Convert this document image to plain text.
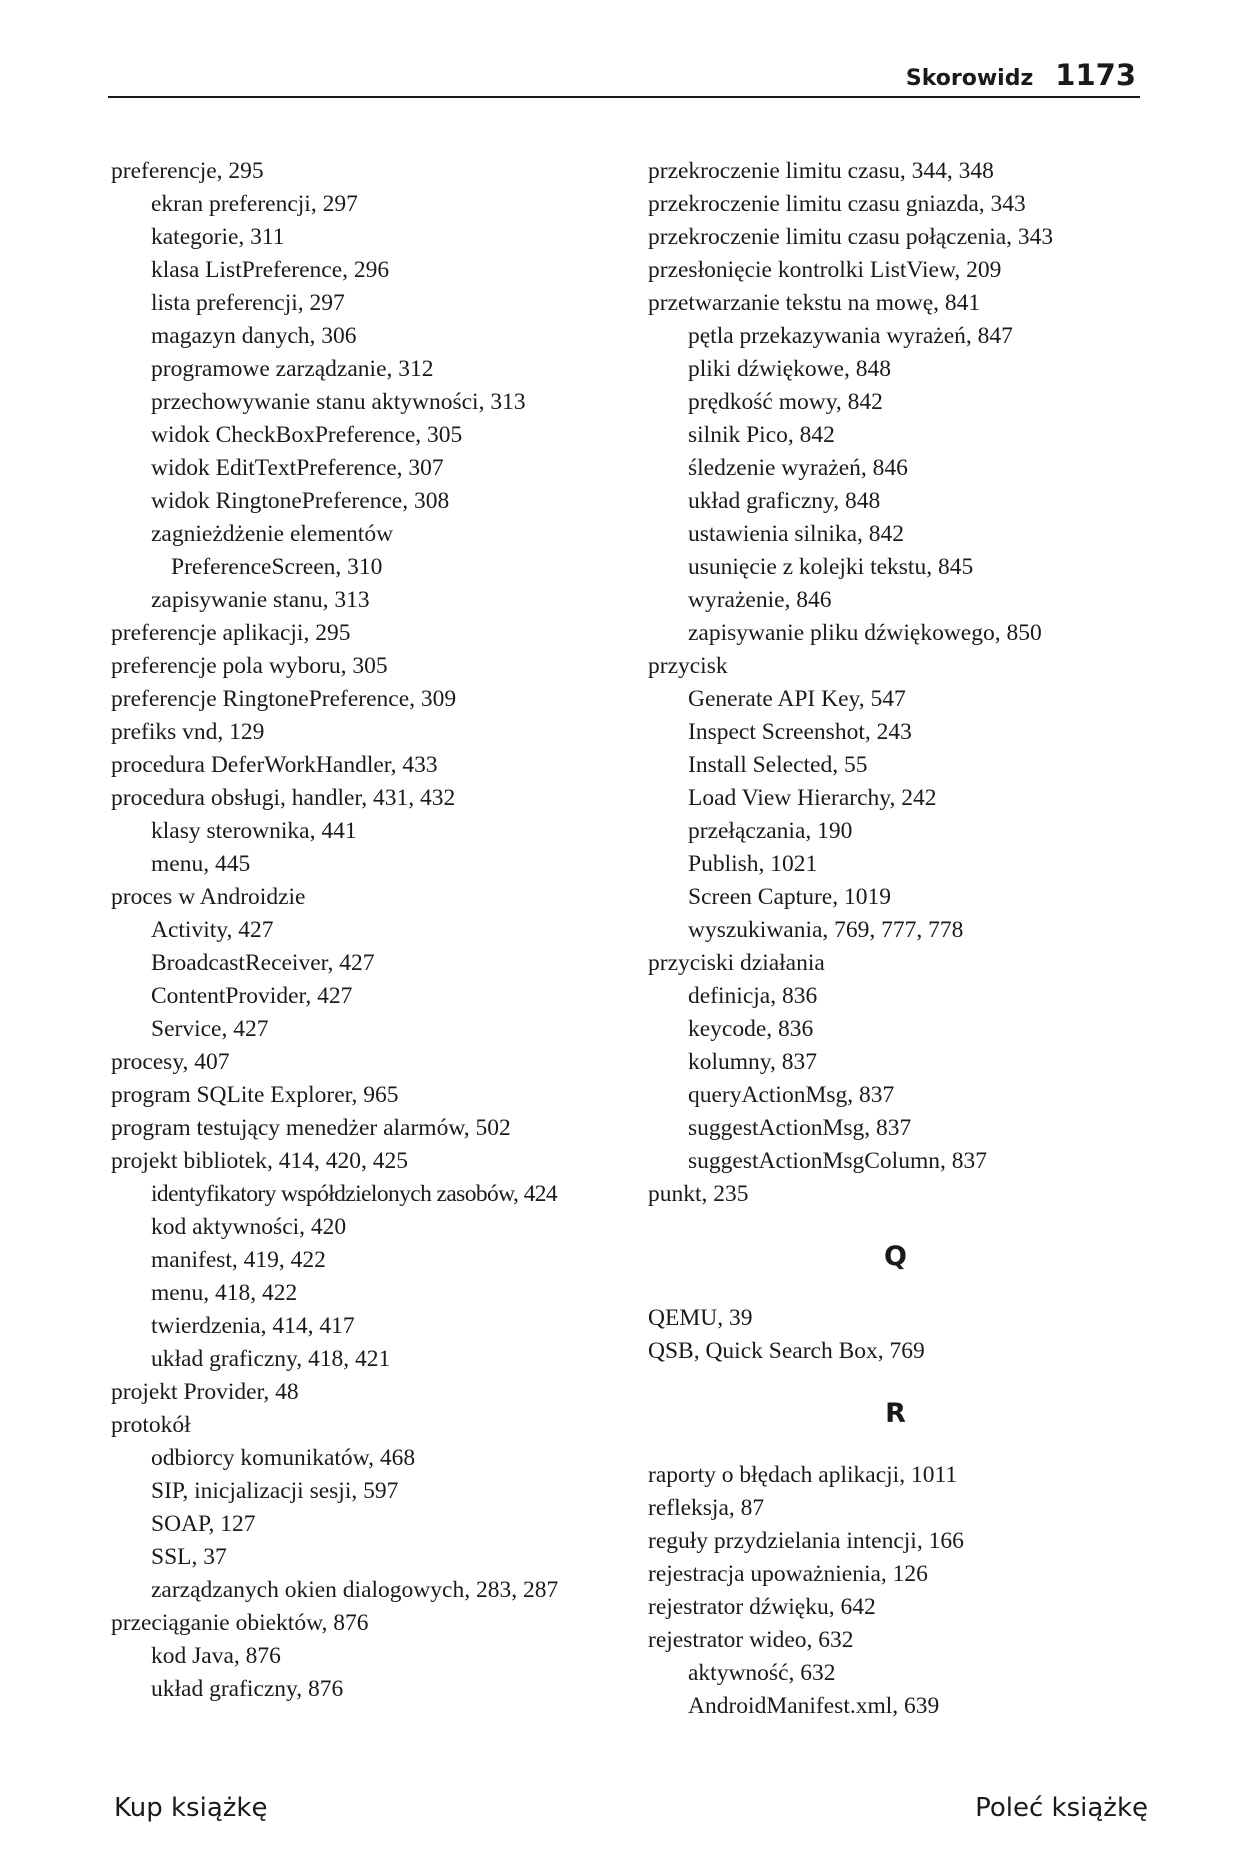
Skorowidz 1173
preferencje, 295
ekran preferencji, 297
kategorie, 311
klasa ListPreference, 296
lista preferencji, 297
magazyn danych, 306
programowe zarządzanie, 312
przechowywanie stanu aktywności, 313
widok CheckBoxPreference, 305
widok EditTextPreference, 307
widok RingtonePreference, 308
zagnieżdżenie elementów
PreferenceScreen, 310
zapisywanie stanu, 313
preferencje aplikacji, 295
preferencje pola wyboru, 305
preferencje RingtonePreference, 309
prefiks vnd, 129
procedura DeferWorkHandler, 433
procedura obsługi, handler, 431, 432
klasy sterownika, 441
menu, 445
proces w Androidzie
Activity, 427
BroadcastReceiver, 427
ContentProvider, 427
Service, 427
procesy, 407
program SQLite Explorer, 965
program testujący menedżer alarmów, 502
projekt bibliotek, 414, 420, 425
identyfikatory współdzielonych zasobów, 424
kod aktywności, 420
manifest, 419, 422
menu, 418, 422
twierdzenia, 414, 417
układ graficzny, 418, 421
projekt Provider, 48
protokół
odbiorcy komunikatów, 468
SIP, inicjalizacji sesji, 597
SOAP, 127
SSL, 37
zarządzanych okien dialogowych, 283, 287
przeciąganie obiektów, 876
kod Java, 876
układ graficzny, 876
przekroczenie limitu czasu, 344, 348
przekroczenie limitu czasu gniazda, 343
przekroczenie limitu czasu połączenia, 343
przesłonięcie kontrolki ListView, 209
przetwarzanie tekstu na mowę, 841
pętla przekazywania wyrażeń, 847
pliki dźwiękowe, 848
prędkość mowy, 842
silnik Pico, 842
śledzenie wyrażeń, 846
układ graficzny, 848
ustawienia silnika, 842
usunięcie z kolejki tekstu, 845
wyrażenie, 846
zapisywanie pliku dźwiękowego, 850
przycisk
Generate API Key, 547
Inspect Screenshot, 243
Install Selected, 55
Load View Hierarchy, 242
przełączania, 190
Publish, 1021
Screen Capture, 1019
wyszukiwania, 769, 777, 778
przyciski działania
definicja, 836
keycode, 836
kolumny, 837
queryActionMsg, 837
suggestActionMsg, 837
suggestActionMsgColumn, 837
punkt, 235
Q
QEMU, 39
QSB, Quick Search Box, 769
R
raporty o błędach aplikacji, 1011
refleksja, 87
reguły przydzielania intencji, 166
rejestracja upoważnienia, 126
rejestrator dźwięku, 642
rejestrator wideo, 632
aktywność, 632
AndroidManifest.xml, 639
Kup książkę	Poleć książkę
